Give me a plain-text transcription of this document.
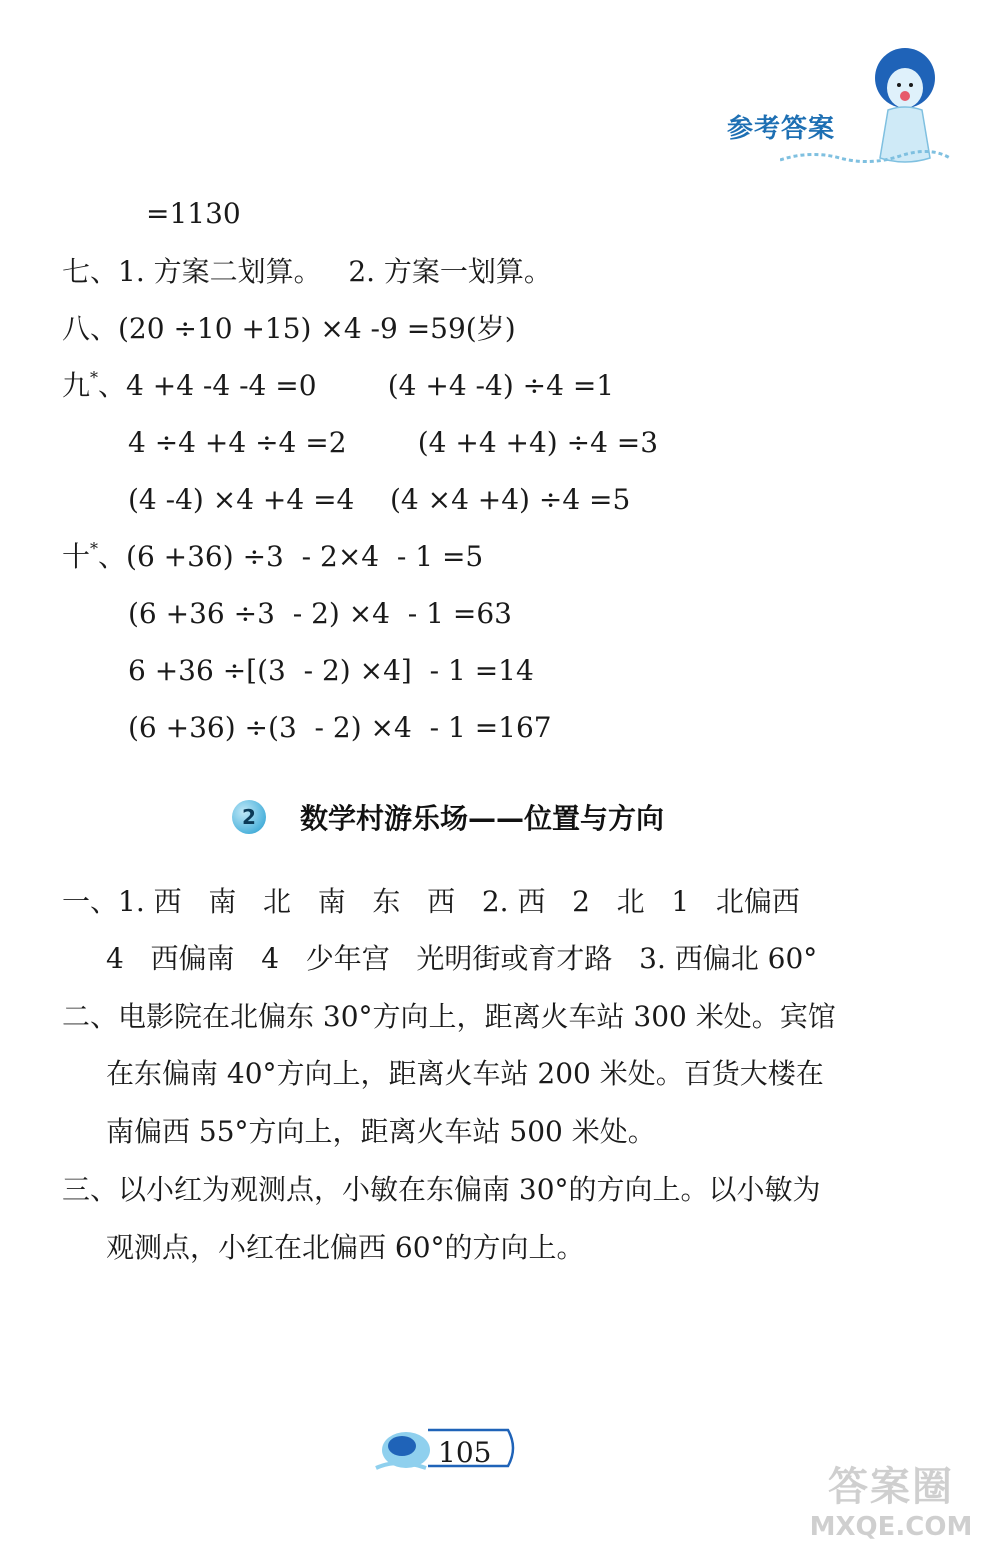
参考答案
=1130
七、1. 方案二划算。   2. 方案一划算。
八、(20 ÷10 +15) ×4 -9 =59(岁)
九*、4 +4 -4 -4 =0        (4 +4 -4) ÷4 =1
4 ÷4 +4 ÷4 =2        (4 +4 +4) ÷4 =3
(4 -4) ×4 +4 =4    (4 ×4 +4) ÷4 =5
十*、(6 +36) ÷3  - 2×4  - 1 =5
(6 +36 ÷3  - 2) ×4  - 1 =63
6 +36 ÷[(3  - 2) ×4]  - 1 =14
(6 +36) ÷(3  - 2) ×4  - 1 =167
2	数学村游乐场——位置与方向
一、1. 西   南   北   南   东   西   2. 西   2   北   1   北偏西
4   西偏南   4   少年宫   光明街或育才路   3. 西偏北 60°
二、电影院在北偏东 30°方向上，距离火车站 300 米处。宾馆
在东偏南 40°方向上，距离火车站 200 米处。百货大楼在
南偏西 55°方向上，距离火车站 500 米处。
三、以小红为观测点，小敏在东偏南 30°的方向上。以小敏为
观测点，小红在北偏西 60°的方向上。
105
答案圈
MXQE.COM
